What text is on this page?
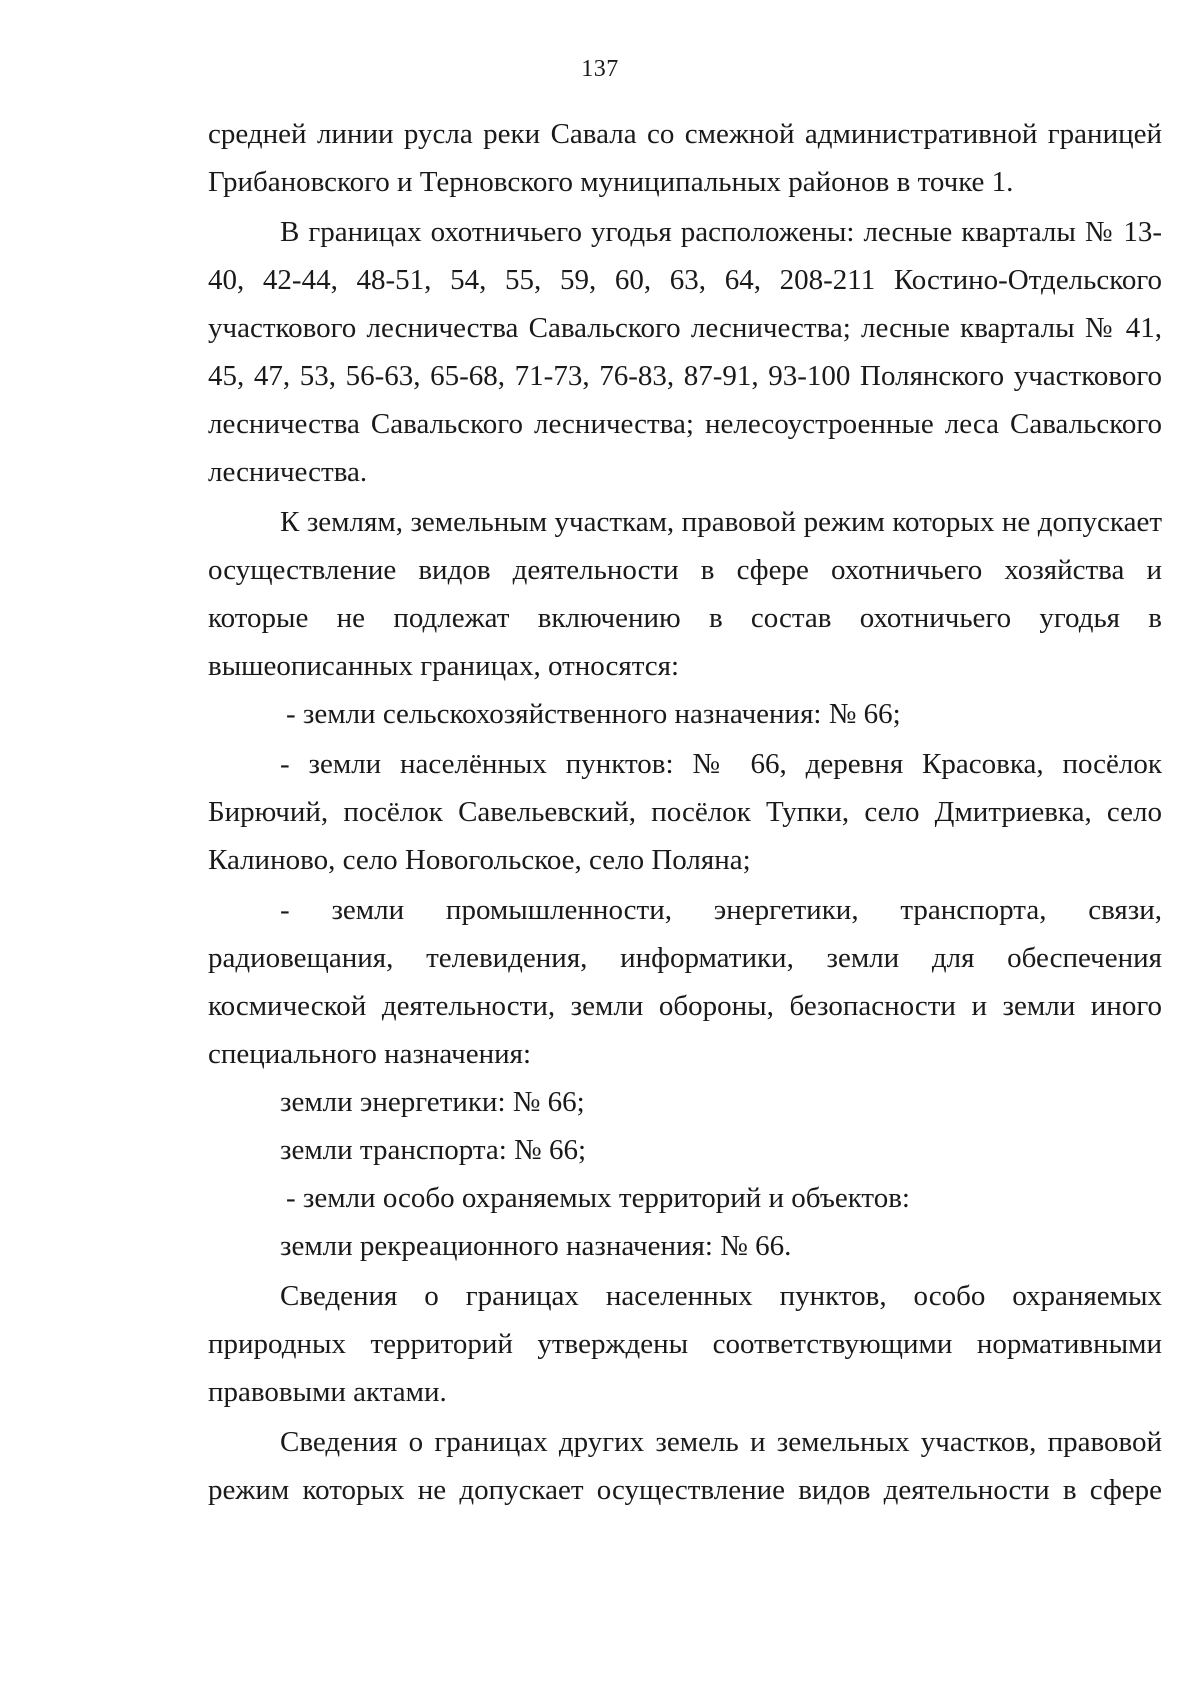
137

средней линии русла реки Савала со смежной административной границей Грибановского и Терновского муниципальных районов в точке 1.

В границах охотничьего угодья расположены: лесные кварталы № 13-40, 42-44, 48-51, 54, 55, 59, 60, 63, 64, 208-211 Костино-Отдельского участкового лесничества Савальского лесничества; лесные кварталы № 41, 45, 47, 53, 56-63, 65-68, 71-73, 76-83, 87-91, 93-100 Полянского участкового лесничества Савальского лесничества; нелесоустроенные леса Савальского лесничества.

К землям, земельным участкам, правовой режим которых не допускает осуществление видов деятельности в сфере охотничьего хозяйства и которые не подлежат включению в состав охотничьего угодья в вышеописанных границах, относятся:

- земли сельскохозяйственного назначения: № 66;

- земли населённых пунктов: № 66, деревня Красовка, посёлок Бирючий, посёлок Савельевский, посёлок Тупки, село Дмитриевка, село Калиново, село Новогольское, село Поляна;

- земли промышленности, энергетики, транспорта, связи, радиовещания, телевидения, информатики, земли для обеспечения космической деятельности, земли обороны, безопасности и земли иного специального назначения:

земли энергетики: № 66;

земли транспорта: № 66;

- земли особо охраняемых территорий и объектов:

земли рекреационного назначения: № 66.

Сведения о границах населенных пунктов, особо охраняемых природных территорий утверждены соответствующими нормативными правовыми актами.

Сведения о границах других земель и земельных участков, правовой режим которых не допускает осуществление видов деятельности в сфере
